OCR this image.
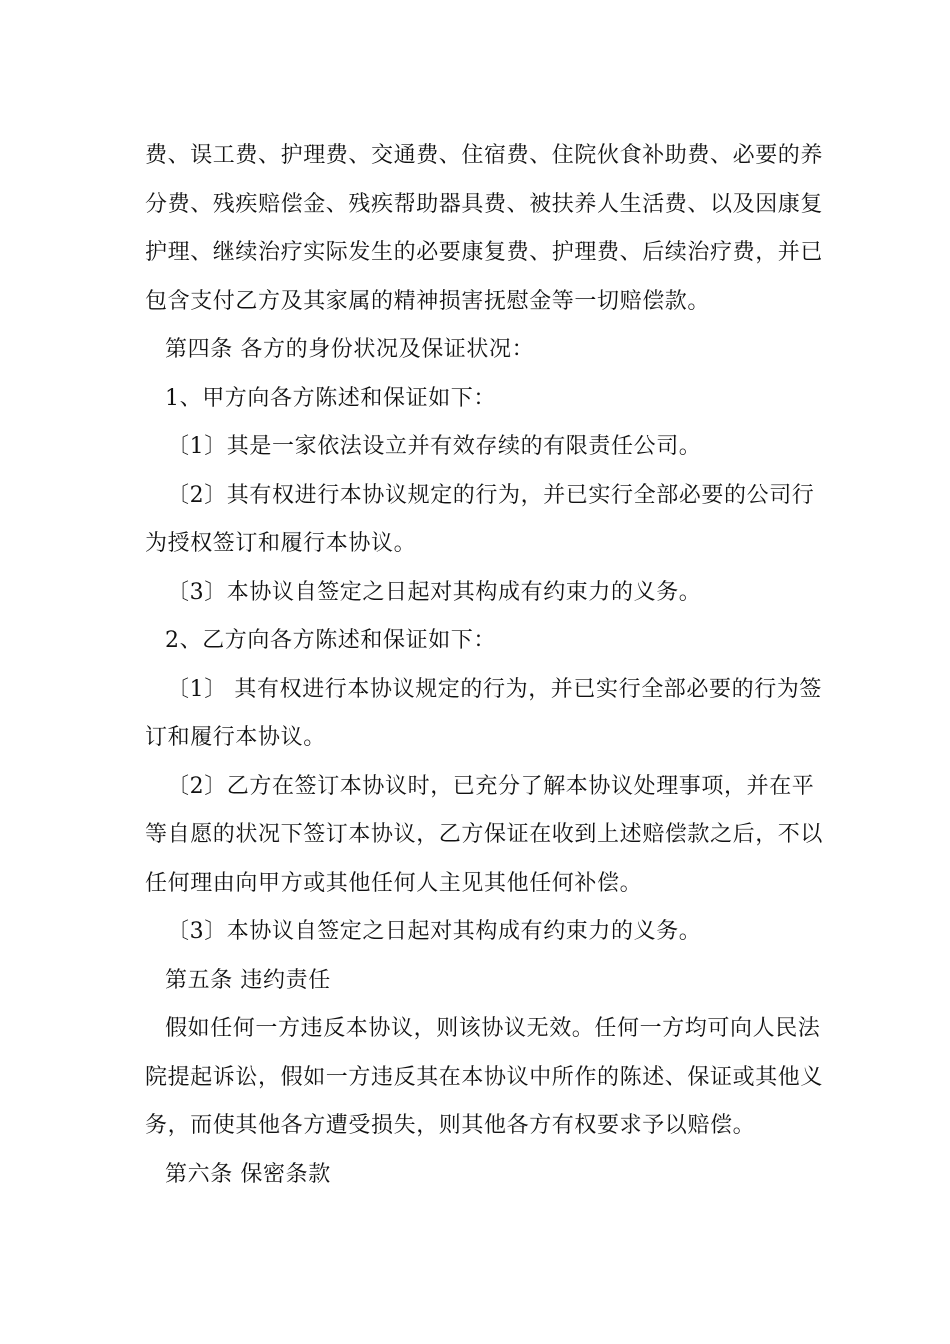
费、误工费、护理费、交通费、住宿费、住院伙食补助费、必要的养分费、残疾赔偿金、残疾帮助器具费、被扶养人生活费、以及因康复护理、继续治疗实际发生的必要康复费、护理费、后续治疗费，并已包含支付乙方及其家属的精神损害抚慰金等一切赔偿款。

第四条 各方的身份状况及保证状况：

1、甲方向各方陈述和保证如下：

〔1〕其是一家依法设立并有效存续的有限责任公司。

〔2〕其有权进行本协议规定的行为，并已实行全部必要的公司行为授权签订和履行本协议。

〔3〕本协议自签定之日起对其构成有约束力的义务。

2、乙方向各方陈述和保证如下：

〔1〕 其有权进行本协议规定的行为，并已实行全部必要的行为签订和履行本协议。

〔2〕乙方在签订本协议时，已充分了解本协议处理事项，并在平等自愿的状况下签订本协议，乙方保证在收到上述赔偿款之后，不以任何理由向甲方或其他任何人主见其他任何补偿。

〔3〕本协议自签定之日起对其构成有约束力的义务。

第五条 违约责任

假如任何一方违反本协议，则该协议无效。任何一方均可向人民法院提起诉讼，假如一方违反其在本协议中所作的陈述、保证或其他义务，而使其他各方遭受损失，则其他各方有权要求予以赔偿。

第六条 保密条款
